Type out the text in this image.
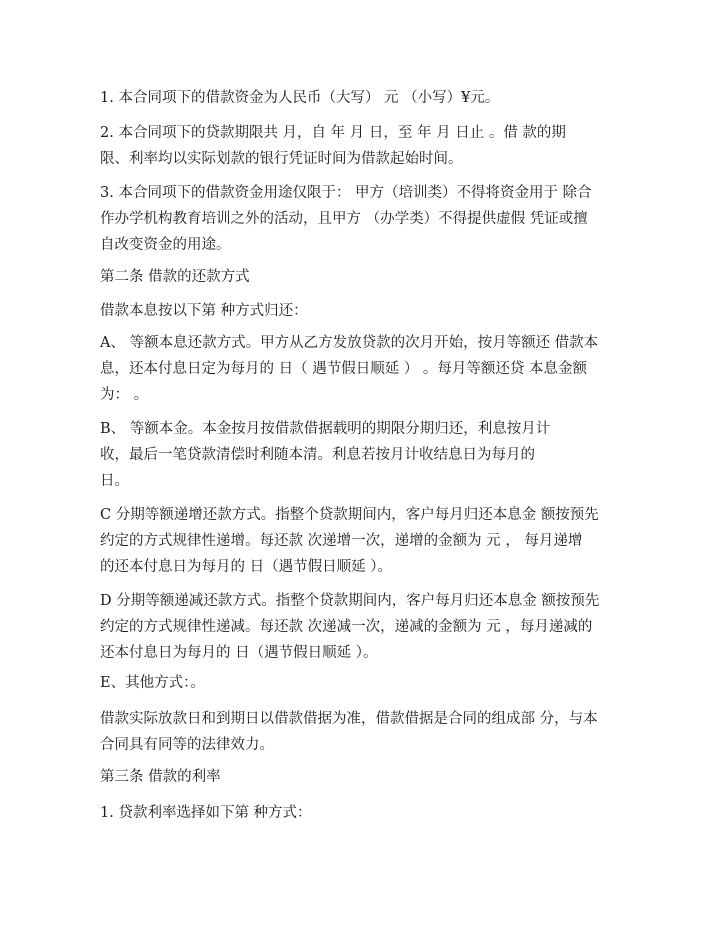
1. 本合同项下的借款资金为人民币（大写） 元 （小写）¥元。

2. 本合同项下的贷款期限共 月，自 年 月 日，至 年 月 日止 。借 款的期
限、利率均以实际划款的银行凭证时间为借款起始时间。

3. 本合同项下的借款资金用途仅限于： 甲方（培训类）不得将资金用于 除合
作办学机构教育培训之外的活动，且甲方 （办学类）不得提供虚假 凭证或擅
自改变资金的用途。

第二条 借款的还款方式

借款本息按以下第 种方式归还：

A、 等额本息还款方式。甲方从乙方发放贷款的次月开始，按月等额还 借款本
息，还本付息日定为每月的 日（ 遇节假日顺延 ） 。每月等额还贷 本息金额
为： 。

B、 等额本金。本金按月按借款借据载明的期限分期归还，利息按月计
收，最后一笔贷款清偿时利随本清。利息若按月计收结息日为每月的
日。

C 分期等额递增还款方式。指整个贷款期间内，客户每月归还本息金 额按预先
约定的方式规律性递增。每还款 次递增一次，递增的金额为 元 ， 每月递增
的还本付息日为每月的 日（遇节假日顺延 ）。

D 分期等额递减还款方式。指整个贷款期间内，客户每月归还本息金 额按预先
约定的方式规律性递减。每还款 次递减一次，递减的金额为 元 ，每月递减的
还本付息日为每月的 日（遇节假日顺延 ）。

E、其他方式：。

借款实际放款日和到期日以借款借据为准，借款借据是合同的组成部 分，与本
合同具有同等的法律效力。

第三条 借款的利率

1. 贷款利率选择如下第 种方式：
